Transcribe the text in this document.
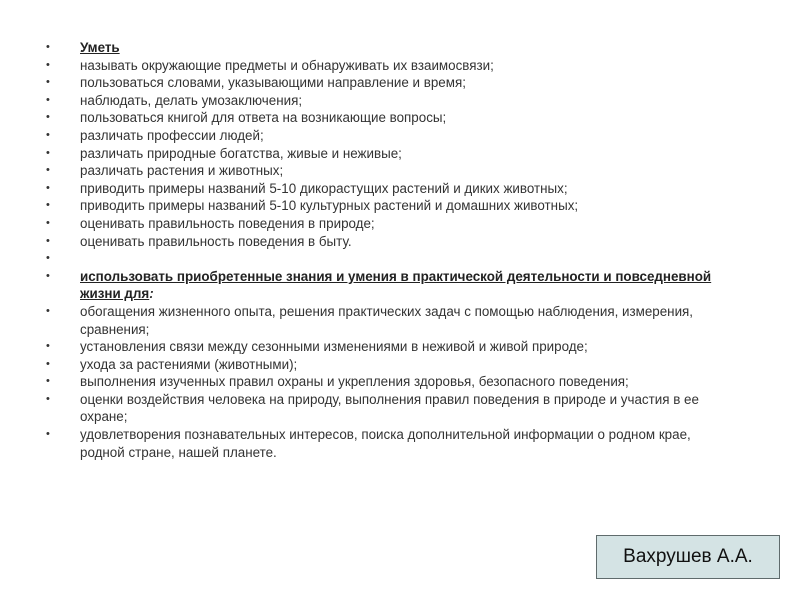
•	Уметь
•	называть окружающие предметы и обнаруживать их взаимосвязи;
•	пользоваться словами, указывающими направление и время;
•	наблюдать, делать умозаключения;
•	пользоваться книгой для ответа на возникающие вопросы;
•	различать профессии людей;
•	различать природные богатства, живые и неживые;
•	различать растения и животных;
•	приводить примеры названий 5-10 дикорастущих растений и диких животных;
•	приводить примеры названий 5-10 культурных растений и домашних животных;
•	оценивать правильность поведения в природе;
•	оценивать правильность поведения в быту.
•
•	использовать приобретенные знания и умения в практической деятельности и повседневной жизни для:
•	обогащения жизненного опыта, решения практических задач с помощью наблюдения, измерения, сравнения;
•	установления связи между сезонными изменениями в неживой и живой природе;
•	ухода за растениями (животными);
•	выполнения изученных правил охраны и укрепления здоровья, безопасного поведения;
•	оценки воздействия человека на природу, выполнения правил поведения в природе и участия в ее охране;
•	удовлетворения познавательных интересов, поиска дополнительной информации о родном крае, родной стране, нашей планете.
Вахрушев А.А.
